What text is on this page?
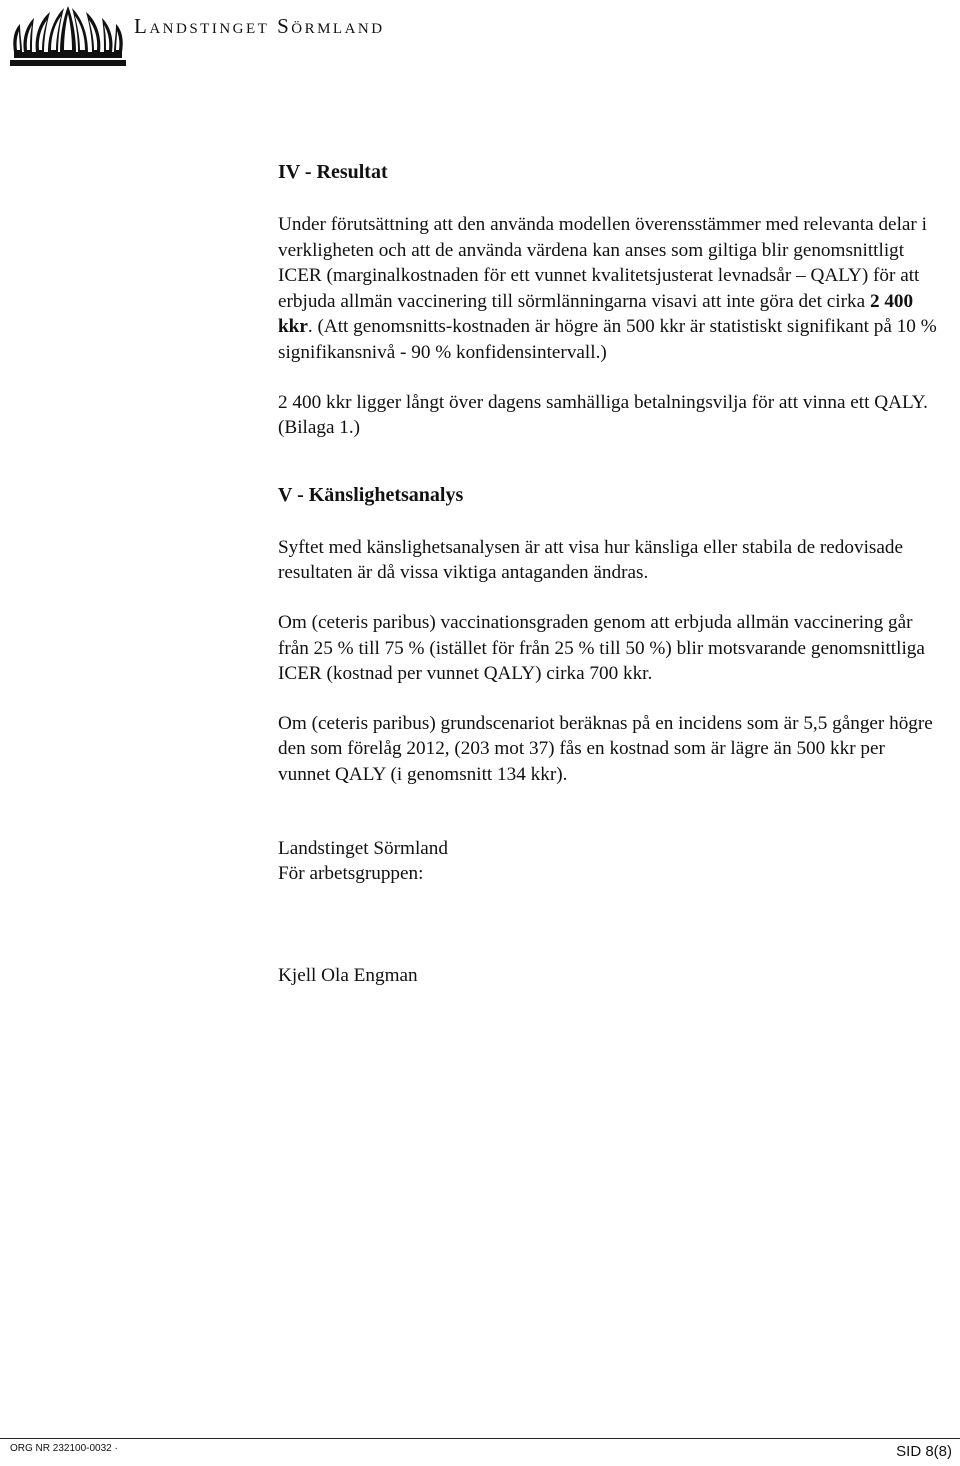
Landstinget Sörmland
IV - Resultat

Under förutsättning att den använda modellen överensstämmer med relevanta delar i verkligheten och att de använda värdena kan anses som giltiga blir genomsnittligt ICER (marginalkostnaden för ett vunnet kvalitetsjusterat levnadsår – QALY) för att erbjuda allmän vaccinering till sörmlänningarna visavi att inte göra det cirka 2 400 kkr. (Att genomsnitts-kostnaden är högre än 500 kkr är statistiskt signifikant på 10 % signifikansnivå - 90 % konfidensintervall.)

2 400 kkr ligger långt över dagens samhälliga betalningsvilja för att vinna ett QALY. (Bilaga 1.)

V - Känslighetsanalys

Syftet med känslighetsanalysen är att visa hur känsliga eller stabila de redovisade resultaten är då vissa viktiga antaganden ändras.

Om (ceteris paribus) vaccinationsgraden genom att erbjuda allmän vaccinering går från 25 % till 75 % (istället för från 25 % till 50 %) blir motsvarande genomsnittliga ICER (kostnad per vunnet QALY) cirka 700 kkr.

Om (ceteris paribus) grundscenariot beräknas på en incidens som är 5,5 gånger högre den som förelåg 2012, (203 mot 37) fås en kostnad som är lägre än 500 kkr per vunnet QALY (i genomsnitt 134 kkr).

Landstinget Sörmland

För arbetsgruppen:

Kjell Ola Engman

ORG NR 232100-0032 ·	SID 8(8)
